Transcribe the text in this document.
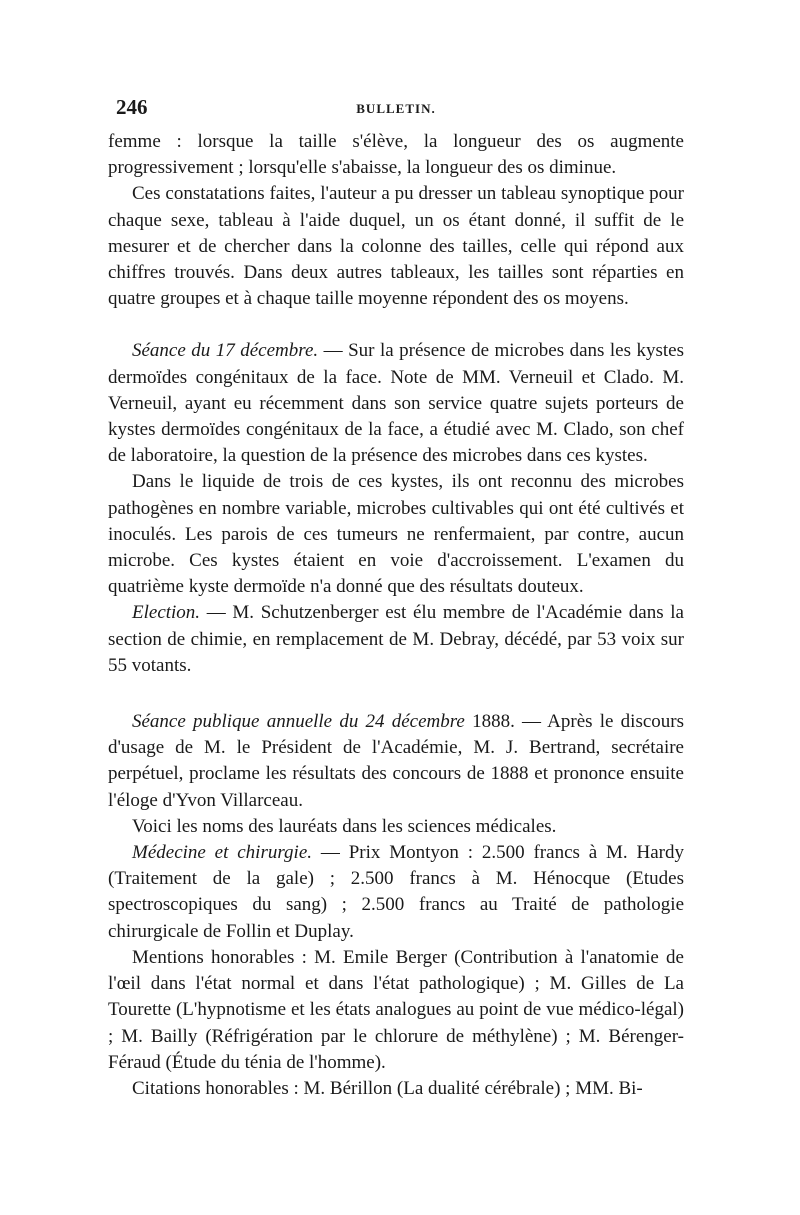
246	BULLETIN.

femme : lorsque la taille s'élève, la longueur des os augmente progressivement ; lorsqu'elle s'abaisse, la longueur des os diminue.

Ces constatations faites, l'auteur a pu dresser un tableau synoptique pour chaque sexe, tableau à l'aide duquel, un os étant donné, il suffit de le mesurer et de chercher dans la colonne des tailles, celle qui répond aux chiffres trouvés. Dans deux autres tableaux, les tailles sont réparties en quatre groupes et à chaque taille moyenne répondent des os moyens.

Séance du 17 décembre. — Sur la présence de microbes dans les kystes dermoïdes congénitaux de la face. Note de MM. Verneuil et Clado. M. Verneuil, ayant eu récemment dans son service quatre sujets porteurs de kystes dermoïdes congénitaux de la face, a étudié avec M. Clado, son chef de laboratoire, la question de la présence des microbes dans ces kystes.

Dans le liquide de trois de ces kystes, ils ont reconnu des microbes pathogènes en nombre variable, microbes cultivables qui ont été cultivés et inoculés. Les parois de ces tumeurs ne renfermaient, par contre, aucun microbe. Ces kystes étaient en voie d'accroissement. L'examen du quatrième kyste dermoïde n'a donné que des résultats douteux.

Election. — M. Schutzenberger est élu membre de l'Académie dans la section de chimie, en remplacement de M. Debray, décédé, par 53 voix sur 55 votants.

Séance publique annuelle du 24 décembre 1888. — Après le discours d'usage de M. le Président de l'Académie, M. J. Bertrand, secrétaire perpétuel, proclame les résultats des concours de 1888 et prononce ensuite l'éloge d'Yvon Villarceau.

Voici les noms des lauréats dans les sciences médicales.

Médecine et chirurgie. — Prix Montyon : 2.500 francs à M. Hardy (Traitement de la gale) ; 2.500 francs à M. Hénocque (Etudes spectroscopiques du sang) ; 2.500 francs au Traité de pathologie chirurgicale de Follin et Duplay.

Mentions honorables : M. Emile Berger (Contribution à l'anatomie de l'œil dans l'état normal et dans l'état pathologique) ; M. Gilles de La Tourette (L'hypnotisme et les états analogues au point de vue médico-légal) ; M. Bailly (Réfrigération par le chlorure de méthylène) ; M. Bérenger-Féraud (Étude du ténia de l'homme).

Citations honorables : M. Bérillon (La dualité cérébrale) ; MM. Bi-
